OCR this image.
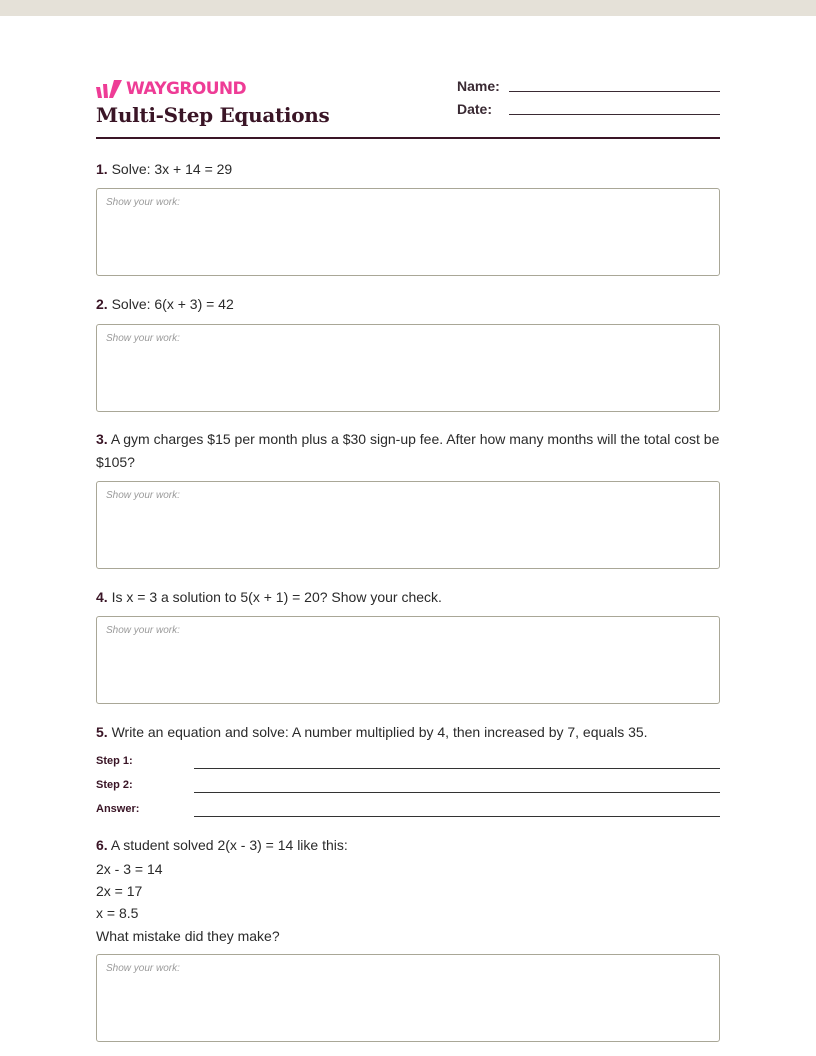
WAYGROUND
Multi-Step Equations
Name:
Date:
1. Solve: 3x + 14 = 29
Show your work:
2. Solve: 6(x + 3) = 42
Show your work:
3. A gym charges $15 per month plus a $30 sign-up fee. After how many months will the total cost be $105?
Show your work:
4. Is x = 3 a solution to 5(x + 1) = 20? Show your check.
Show your work:
5. Write an equation and solve: A number multiplied by 4, then increased by 7, equals 35.
Step 1:
Step 2:
Answer:
6. A student solved 2(x - 3) = 14 like this:
2x - 3 = 14
2x = 17
x = 8.5
What mistake did they make?
Show your work:
